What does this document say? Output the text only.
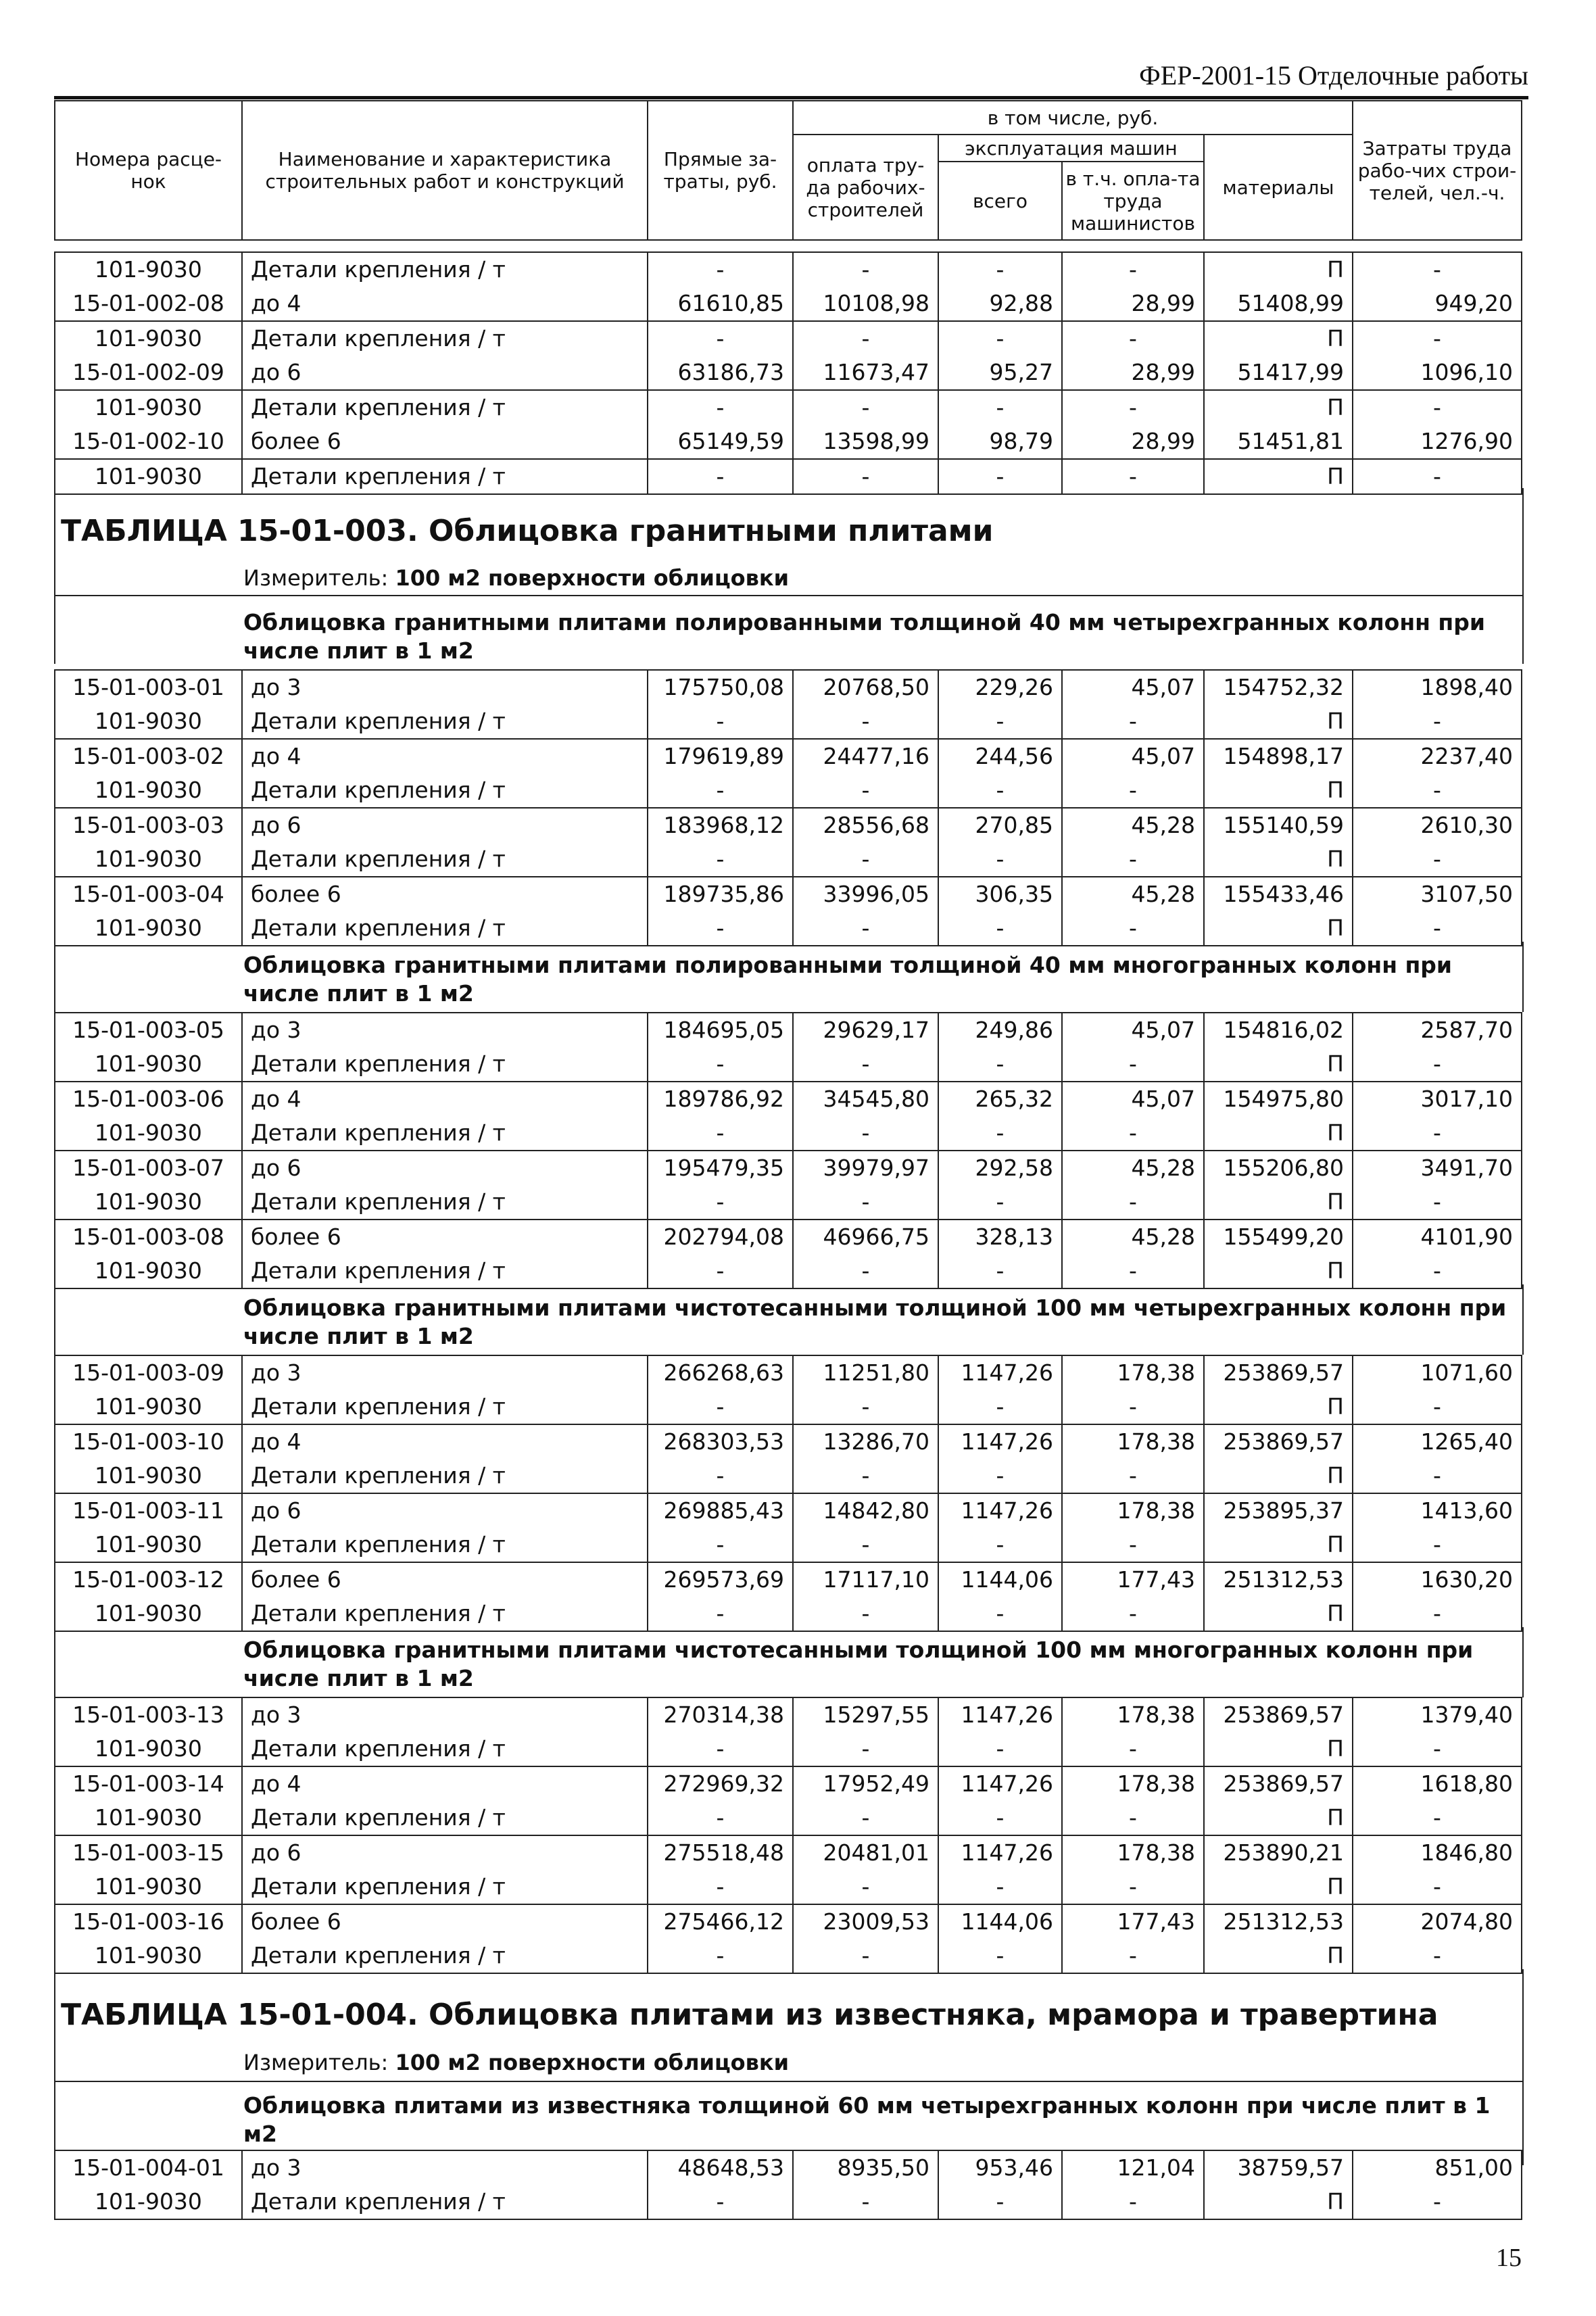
ФЕР-2001-15 Отделочные работы
Номера расце-нок	Наименование и характеристика строительных работ и конструкций	Прямые за-траты, руб.	в том числе, руб.				Затраты труда рабо-чих строи-телей, чел.-ч.
			оплата тру-да рабочих-строителей	эксплуатация машин		материалы	
				всего	в т.ч. опла-та труда машинистов		

101-9030	Детали крепления / т	-	-	-	-	П	-
15-01-002-08	до 4	61610,85	10108,98	92,88	28,99	51408,99	949,20
101-9030	Детали крепления / т	-	-	-	-	П	-
15-01-002-09	до 6	63186,73	11673,47	95,27	28,99	51417,99	1096,10
101-9030	Детали крепления / т	-	-	-	-	П	-
15-01-002-10	более 6	65149,59	13598,99	98,79	28,99	51451,81	1276,90
101-9030	Детали крепления / т	-	-	-	-	П	-
ТАБЛИЦА 15-01-003. Облицовка гранитными плитами
Измеритель: 100 м2 поверхности облицовки
Облицовка гранитными плитами полированными толщиной 40 мм четырехгранных колонн при числе плит в 1 м2
15-01-003-01	до 3	175750,08	20768,50	229,26	45,07	154752,32	1898,40
101-9030	Детали крепления / т	-	-	-	-	П	-
15-01-003-02	до 4	179619,89	24477,16	244,56	45,07	154898,17	2237,40
101-9030	Детали крепления / т	-	-	-	-	П	-
15-01-003-03	до 6	183968,12	28556,68	270,85	45,28	155140,59	2610,30
101-9030	Детали крепления / т	-	-	-	-	П	-
15-01-003-04	более 6	189735,86	33996,05	306,35	45,28	155433,46	3107,50
101-9030	Детали крепления / т	-	-	-	-	П	-
Облицовка гранитными плитами полированными толщиной 40 мм многогранных колонн при числе плит в 1 м2
15-01-003-05	до 3	184695,05	29629,17	249,86	45,07	154816,02	2587,70
101-9030	Детали крепления / т	-	-	-	-	П	-
15-01-003-06	до 4	189786,92	34545,80	265,32	45,07	154975,80	3017,10
101-9030	Детали крепления / т	-	-	-	-	П	-
15-01-003-07	до 6	195479,35	39979,97	292,58	45,28	155206,80	3491,70
101-9030	Детали крепления / т	-	-	-	-	П	-
15-01-003-08	более 6	202794,08	46966,75	328,13	45,28	155499,20	4101,90
101-9030	Детали крепления / т	-	-	-	-	П	-
Облицовка гранитными плитами чистотесанными толщиной 100 мм четырехгранных колонн при числе плит в 1 м2
15-01-003-09	до 3	266268,63	11251,80	1147,26	178,38	253869,57	1071,60
101-9030	Детали крепления / т	-	-	-	-	П	-
15-01-003-10	до 4	268303,53	13286,70	1147,26	178,38	253869,57	1265,40
101-9030	Детали крепления / т	-	-	-	-	П	-
15-01-003-11	до 6	269885,43	14842,80	1147,26	178,38	253895,37	1413,60
101-9030	Детали крепления / т	-	-	-	-	П	-
15-01-003-12	более 6	269573,69	17117,10	1144,06	177,43	251312,53	1630,20
101-9030	Детали крепления / т	-	-	-	-	П	-
Облицовка гранитными плитами чистотесанными толщиной 100 мм многогранных колонн при числе плит в 1 м2
15-01-003-13	до 3	270314,38	15297,55	1147,26	178,38	253869,57	1379,40
101-9030	Детали крепления / т	-	-	-	-	П	-
15-01-003-14	до 4	272969,32	17952,49	1147,26	178,38	253869,57	1618,80
101-9030	Детали крепления / т	-	-	-	-	П	-
15-01-003-15	до 6	275518,48	20481,01	1147,26	178,38	253890,21	1846,80
101-9030	Детали крепления / т	-	-	-	-	П	-
15-01-003-16	более 6	275466,12	23009,53	1144,06	177,43	251312,53	2074,80
101-9030	Детали крепления / т	-	-	-	-	П	-
ТАБЛИЦА 15-01-004. Облицовка плитами из известняка, мрамора и травертина
Измеритель: 100 м2 поверхности облицовки
Облицовка плитами из известняка толщиной 60 мм четырехгранных колонн при числе плит в 1 м2
15-01-004-01	до 3	48648,53	8935,50	953,46	121,04	38759,57	851,00
101-9030	Детали крепления / т	-	-	-	-	П	-
15
